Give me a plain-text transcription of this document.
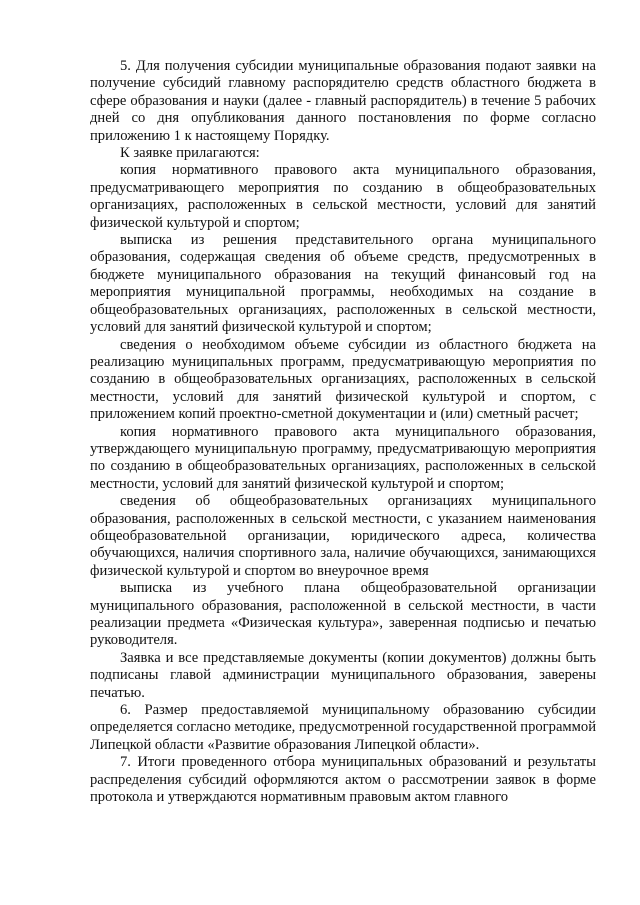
5. Для получения субсидии муниципальные образования подают заявки на получение субсидий главному распорядителю средств областного бюджета в сфере образования и науки (далее - главный распорядитель) в течение 5 рабочих дней со дня опубликования данного постановления по форме согласно приложению 1 к настоящему Порядку.

К заявке прилагаются:

копия нормативного правового акта муниципального образования, предусматривающего мероприятия по созданию в общеобразовательных организациях, расположенных в сельской местности, условий для занятий физической культурой и спортом;

выписка из решения представительного органа муниципального образования, содержащая сведения об объеме средств, предусмотренных в бюджете муниципального образования на текущий финансовый год на мероприятия муниципальной программы, необходимых на создание в общеобразовательных организациях, расположенных в сельской местности, условий для занятий физической культурой и спортом;

сведения о необходимом объеме субсидии из областного бюджета на реализацию муниципальных программ, предусматривающую мероприятия по созданию в общеобразовательных организациях, расположенных в сельской местности, условий для занятий физической культурой и спортом, с приложением копий проектно-сметной документации и (или) сметный расчет;

копия нормативного правового акта муниципального образования, утверждающего муниципальную программу, предусматривающую мероприятия по созданию в общеобразовательных организациях, расположенных в сельской местности, условий для занятий физической культурой и спортом;

сведения об общеобразовательных организациях муниципального образования, расположенных в сельской местности, с указанием наименования общеобразовательной организации, юридического адреса, количества обучающихся, наличия спортивного зала, наличие обучающихся, занимающихся физической культурой и спортом во внеурочное время

выписка из учебного плана общеобразовательной организации муниципального образования, расположенной в сельской местности, в части реализации предмета «Физическая культура», заверенная подписью и печатью руководителя.

Заявка и все представляемые документы (копии документов) должны быть подписаны главой администрации муниципального образования, заверены печатью.

6. Размер предоставляемой муниципальному образованию субсидии определяется согласно методике, предусмотренной государственной программой Липецкой области «Развитие образования Липецкой области».

7. Итоги проведенного отбора муниципальных образований и результаты распределения субсидий оформляются актом о рассмотрении заявок в форме протокола и утверждаются нормативным правовым актом главного
